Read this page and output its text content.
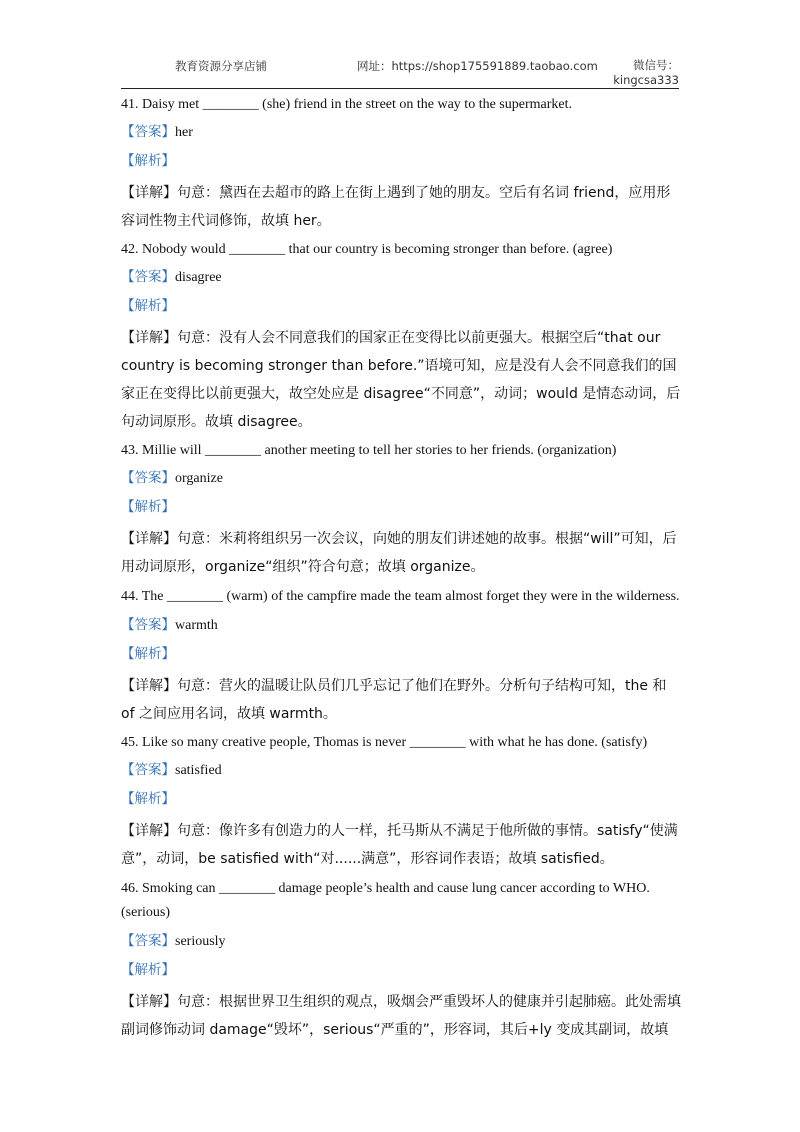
教育资源分享店铺	网址：https://shop175591889.taobao.com	微信号：
kingcsa333

41. Daisy met ________ (she) friend in the street on the way to the supermarket.

【答案】her

【解析】

【详解】句意：黛西在去超市的路上在街上遇到了她的朋友。空后有名词 friend，应用形容词性物主代词修饰，故填 her。

42. Nobody would ________ that our country is becoming stronger than before. (agree)

【答案】disagree

【解析】

【详解】句意：没有人会不同意我们的国家正在变得比以前更强大。根据空后“that our country is becoming stronger than before.”语境可知，应是没有人会不同意我们的国家正在变得比以前更强大，故空处应是 disagree“不同意”，动词；would 是情态动词，后句动词原形。故填 disagree。

43. Millie will ________ another meeting to tell her stories to her friends. (organization)

【答案】organize

【解析】

【详解】句意：米莉将组织另一次会议，向她的朋友们讲述她的故事。根据“will”可知，后用动词原形，organize“组织”符合句意；故填 organize。

44. The ________ (warm) of the campfire made the team almost forget they were in the wilderness.

【答案】warmth

【解析】

【详解】句意：营火的温暖让队员们几乎忘记了他们在野外。分析句子结构可知，the 和 of 之间应用名词，故填 warmth。

45. Like so many creative people, Thomas is never ________ with what he has done. (satisfy)

【答案】satisfied

【解析】

【详解】句意：像许多有创造力的人一样，托马斯从不满足于他所做的事情。satisfy“使满意”，动词，be satisfied with“对......满意”，形容词作表语；故填 satisfied。

46. Smoking can ________ damage people’s health and cause lung cancer according to WHO. (serious)

【答案】seriously

【解析】

【详解】句意：根据世界卫生组织的观点，吸烟会严重毁坏人的健康并引起肺癌。此处需填副词修饰动词 damage“毁坏”，serious“严重的”，形容词，其后+ly 变成其副词，故填
